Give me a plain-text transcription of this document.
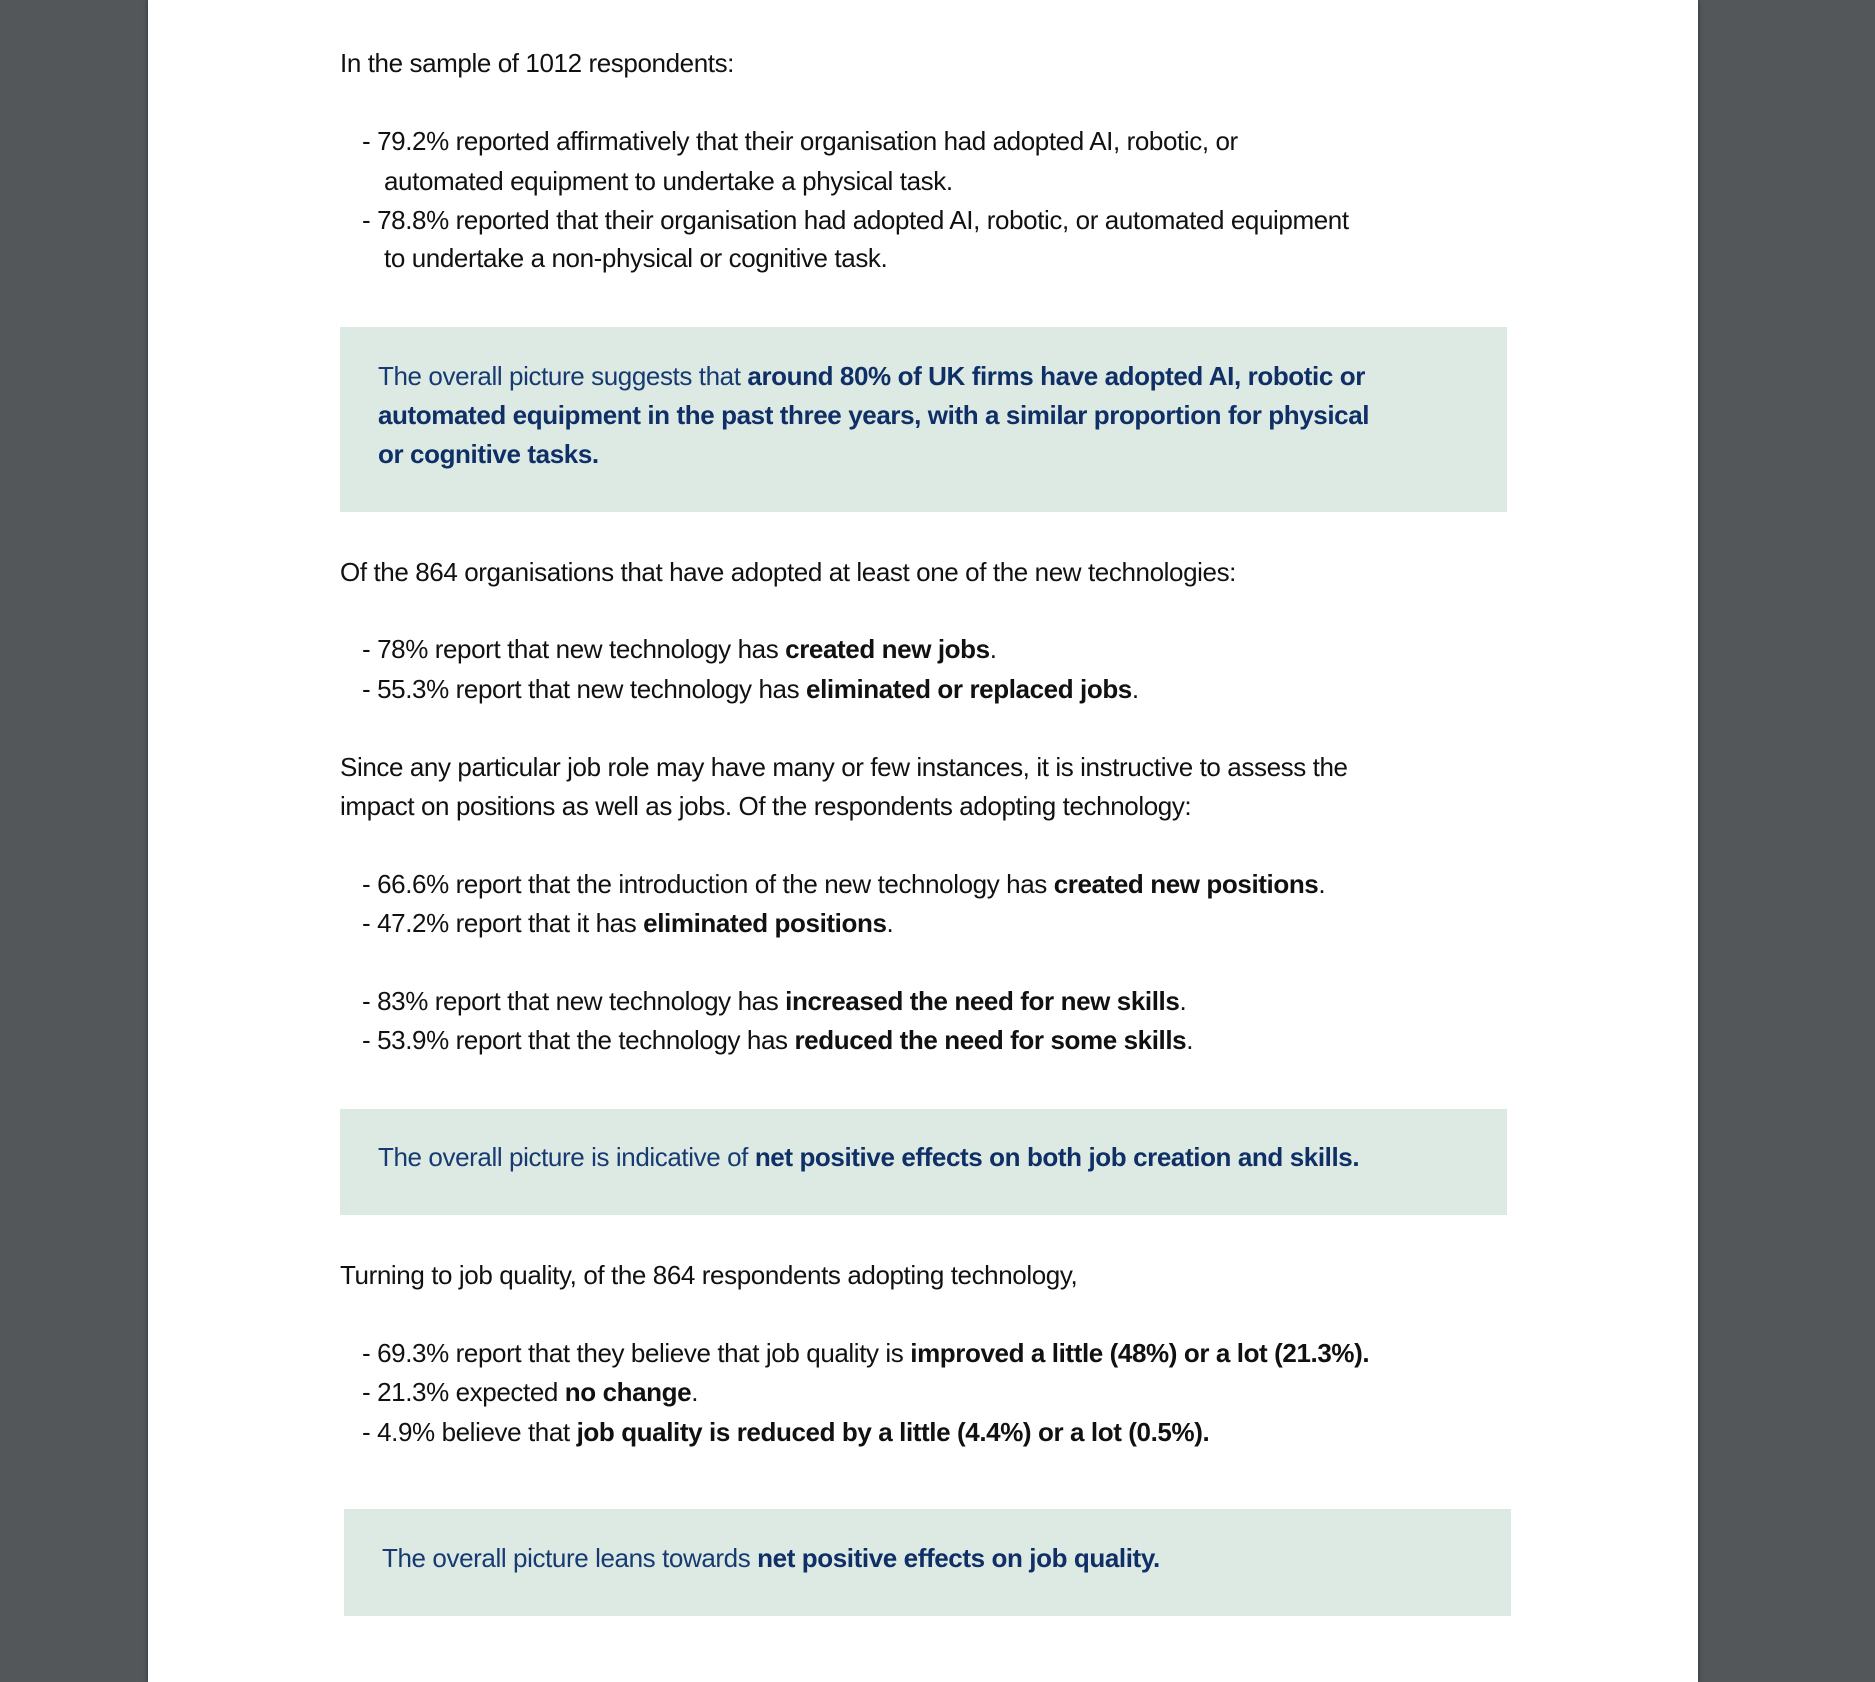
In the sample of 1012 respondents:
- 79.2% reported affirmatively that their organisation had adopted AI, robotic, or
automated equipment to undertake a physical task.
- 78.8% reported that their organisation had adopted AI, robotic, or automated equipment
to undertake a non-physical or cognitive task.
The overall picture suggests that around 80% of UK firms have adopted AI, robotic or
automated equipment in the past three years, with a similar proportion for physical
or cognitive tasks.
Of the 864 organisations that have adopted at least one of the new technologies:
- 78% report that new technology has created new jobs.
- 55.3% report that new technology has eliminated or replaced jobs.
Since any particular job role may have many or few instances, it is instructive to assess the
impact on positions as well as jobs. Of the respondents adopting technology:
- 66.6% report that the introduction of the new technology has created new positions.
- 47.2% report that it has eliminated positions.
- 83% report that new technology has increased the need for new skills.
- 53.9% report that the technology has reduced the need for some skills.
The overall picture is indicative of net positive effects on both job creation and skills.
Turning to job quality, of the 864 respondents adopting technology,
- 69.3% report that they believe that job quality is improved a little (48%) or a lot (21.3%).
- 21.3% expected no change.
- 4.9% believe that job quality is reduced by a little (4.4%) or a lot (0.5%).
The overall picture leans towards net positive effects on job quality.
